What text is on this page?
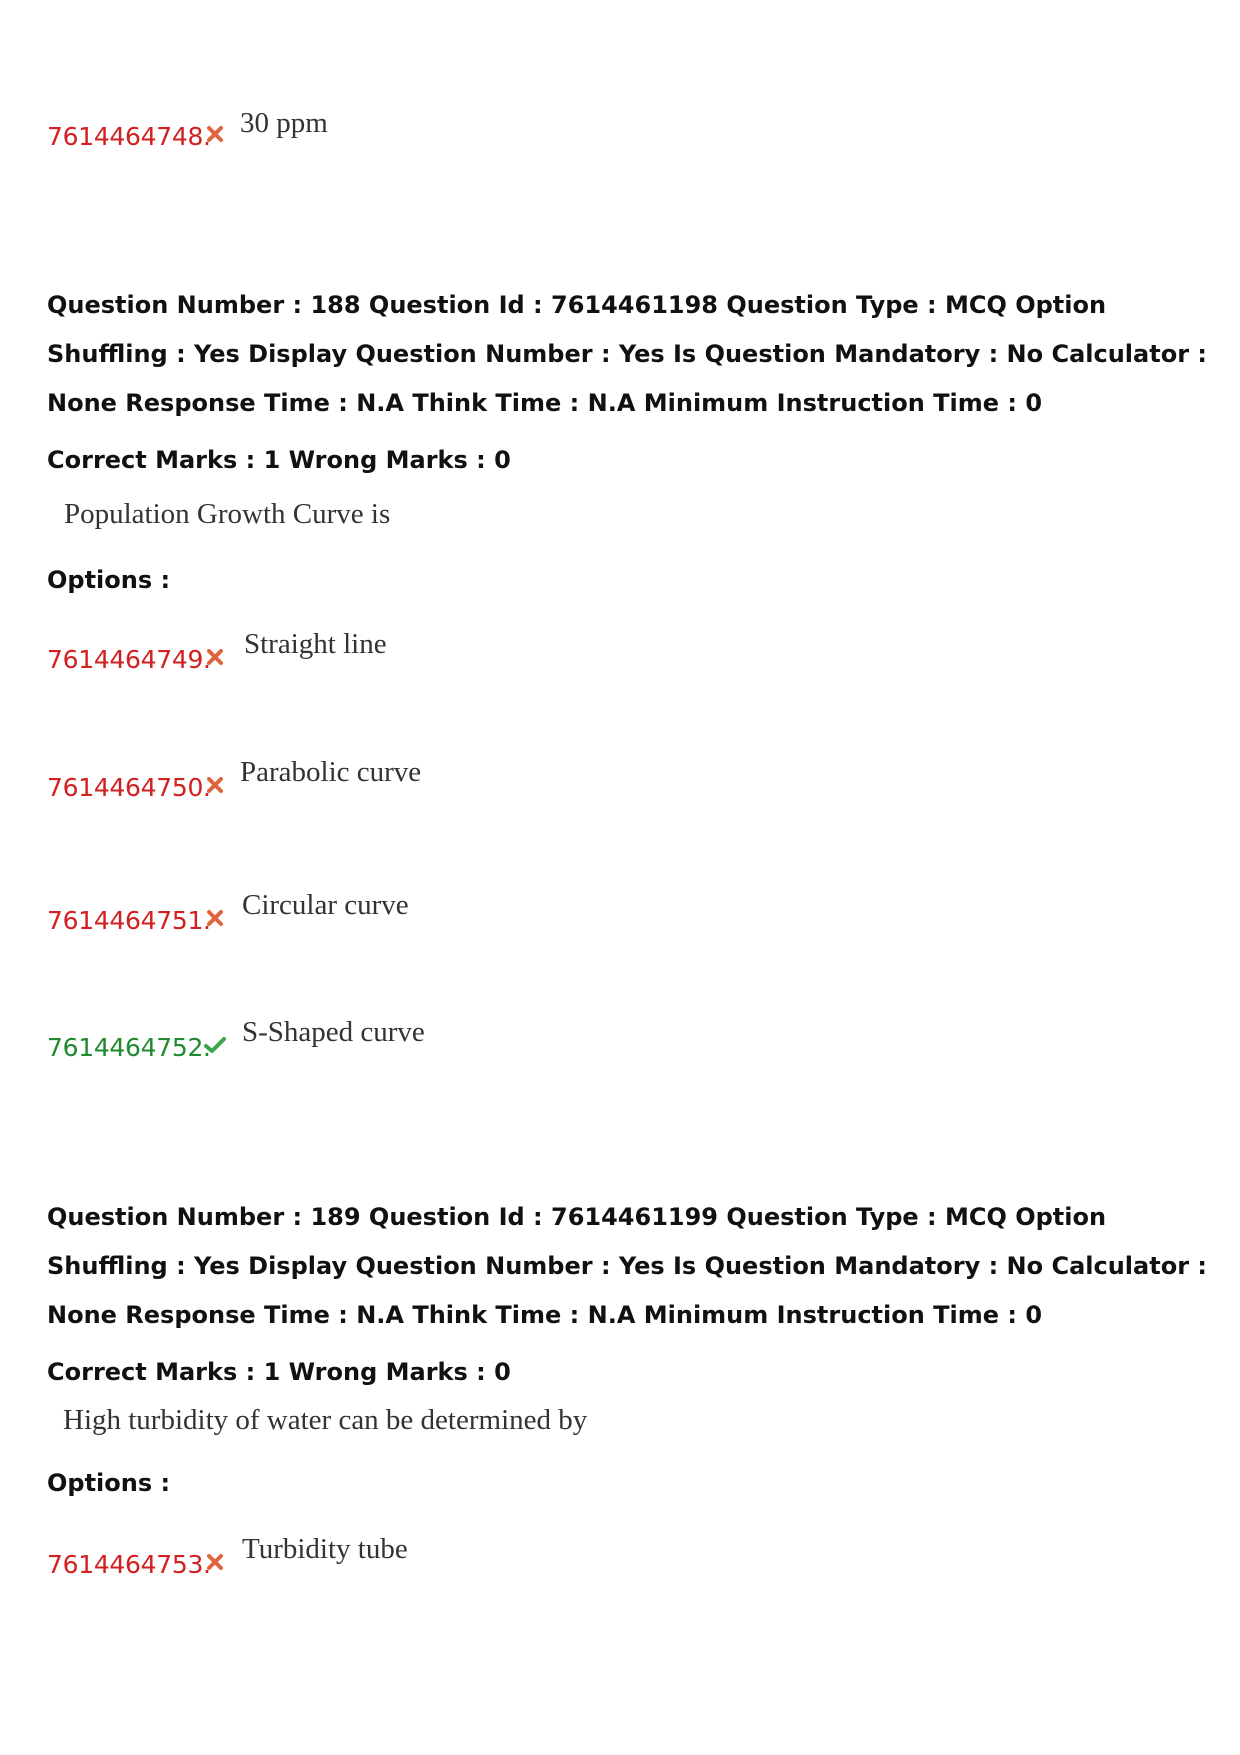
7614464748. 30 ppm
Question Number : 188 Question Id : 7614461198 Question Type : MCQ Option Shuffling : Yes Display Question Number : Yes Is Question Mandatory : No Calculator : None Response Time : N.A Think Time : N.A Minimum Instruction Time : 0
Correct Marks : 1 Wrong Marks : 0
Population Growth Curve is
Options :
7614464749. Straight line
7614464750. Parabolic curve
7614464751. Circular curve
7614464752. S-Shaped curve
Question Number : 189 Question Id : 7614461199 Question Type : MCQ Option Shuffling : Yes Display Question Number : Yes Is Question Mandatory : No Calculator : None Response Time : N.A Think Time : N.A Minimum Instruction Time : 0
Correct Marks : 1 Wrong Marks : 0
High turbidity of water can be determined by
Options :
7614464753. Turbidity tube
